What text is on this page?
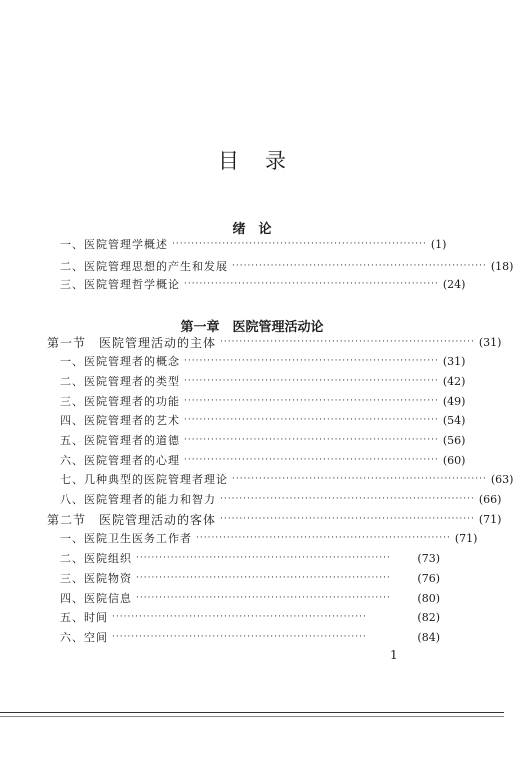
目录
绪　论
一、医院管理学概述 ·································································· (1)
二、医院管理思想的产生和发展 ·································································· (18)
三、医院管理哲学概论 ·································································· (24)
第一章　医院管理活动论
第一节　医院管理活动的主体 ·································································· (31)
一、医院管理者的概念 ·································································· (31)
二、医院管理者的类型 ·································································· (42)
三、医院管理者的功能 ·································································· (49)
四、医院管理者的艺术 ·································································· (54)
五、医院管理者的道德 ·································································· (56)
六、医院管理者的心理 ·································································· (60)
七、几种典型的医院管理者理论 ·································································· (63)
八、医院管理者的能力和智力 ·································································· (66)
第二节　医院管理活动的客体 ·································································· (71)
一、医院卫生医务工作者 ·································································· (71)
二、医院组织 ··································································	(73)
三、医院物资 ··································································	(76)
四、医院信息 ··································································	(80)
五、时间 ··································································	(82)
六、空间 ··································································	(84)
1
